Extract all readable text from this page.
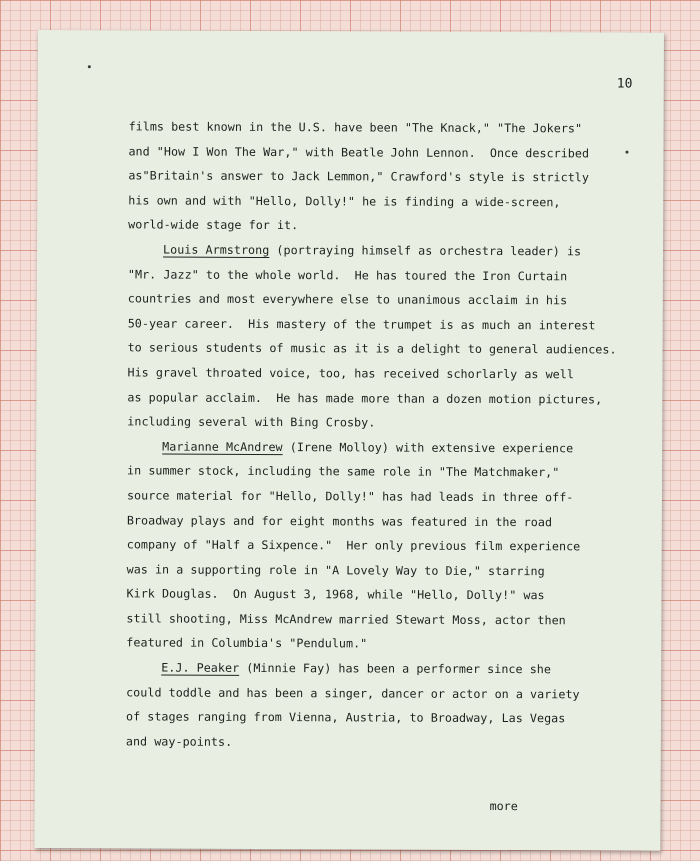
10
films best known in the U.S. have been "The Knack," "The Jokers"
and "How I Won The War," with Beatle John Lennon.  Once described
as"Britain's answer to Jack Lemmon," Crawford's style is strictly
his own and with "Hello, Dolly!" he is finding a wide-screen,
world-wide stage for it.
Louis Armstrong (portraying himself as orchestra leader) is
"Mr. Jazz" to the whole world.  He has toured the Iron Curtain
countries and most everywhere else to unanimous acclaim in his
50-year career.  His mastery of the trumpet is as much an interest
to serious students of music as it is a delight to general audiences.
His gravel throated voice, too, has received schorlarly as well
as popular acclaim.  He has made more than a dozen motion pictures,
including several with Bing Crosby.
Marianne McAndrew (Irene Molloy) with extensive experience
in summer stock, including the same role in "The Matchmaker,"
source material for "Hello, Dolly!" has had leads in three off-
Broadway plays and for eight months was featured in the road
company of "Half a Sixpence."  Her only previous film experience
was in a supporting role in "A Lovely Way to Die," starring
Kirk Douglas.  On August 3, 1968, while "Hello, Dolly!" was
still shooting, Miss McAndrew married Stewart Moss, actor then
featured in Columbia's "Pendulum."
E.J. Peaker (Minnie Fay) has been a performer since she
could toddle and has been a singer, dancer or actor on a variety
of stages ranging from Vienna, Austria, to Broadway, Las Vegas
and way-points.
more
